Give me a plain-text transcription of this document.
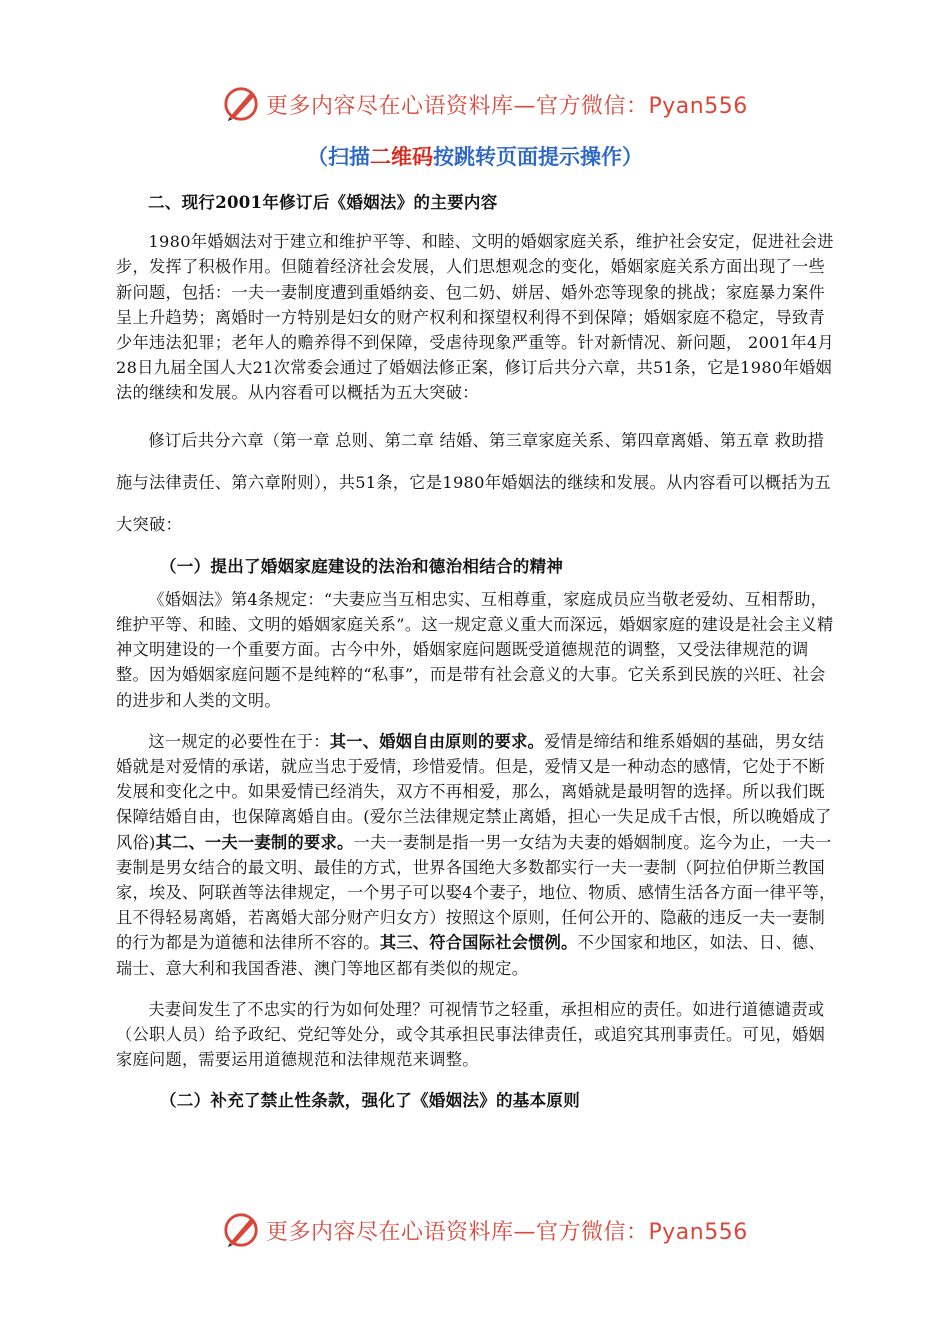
更多内容尽在心语资料库—官方微信：Pyan556
（扫描二维码按跳转页面提示操作）

二、现行2001年修订后《婚姻法》的主要内容

1980年婚姻法对于建立和维护平等、和睦、文明的婚姻家庭关系，维护社会安定，促进社会进步，发挥了积极作用。但随着经济社会发展，人们思想观念的变化，婚姻家庭关系方面出现了一些新问题，包括：一夫一妻制度遭到重婚纳妾、包二奶、姘居、婚外恋等现象的挑战；家庭暴力案件呈上升趋势；离婚时一方特别是妇女的财产权利和探望权利得不到保障；婚姻家庭不稳定，导致青少年违法犯罪；老年人的赡养得不到保障，受虐待现象严重等。针对新情况、新问题， 2001年4月28日九届全国人大21次常委会通过了婚姻法修正案，修订后共分六章，共51条，它是1980年婚姻法的继续和发展。从内容看可以概括为五大突破：

修订后共分六章（第一章 总则、第二章 结婚、第三章家庭关系、第四章离婚、第五章 救助措施与法律责任、第六章附则），共51条，它是1980年婚姻法的继续和发展。从内容看可以概括为五大突破：

（一）提出了婚姻家庭建设的法治和德治相结合的精神

《婚姻法》第4条规定：“夫妻应当互相忠实、互相尊重，家庭成员应当敬老爱幼、互相帮助，维护平等、和睦、文明的婚姻家庭关系”。这一规定意义重大而深远，婚姻家庭的建设是社会主义精神文明建设的一个重要方面。古今中外，婚姻家庭问题既受道德规范的调整，又受法律规范的调整。因为婚姻家庭问题不是纯粹的“私事”，而是带有社会意义的大事。它关系到民族的兴旺、社会的进步和人类的文明。

这一规定的必要性在于：其一、婚姻自由原则的要求。爱情是缔结和维系婚姻的基础，男女结婚就是对爱情的承诺，就应当忠于爱情，珍惜爱情。但是，爱情又是一种动态的感情，它处于不断发展和变化之中。如果爱情已经消失，双方不再相爱，那么，离婚就是最明智的选择。所以我们既保障结婚自由，也保障离婚自由。(爱尔兰法律规定禁止离婚，担心一失足成千古恨，所以晚婚成了风俗)其二、一夫一妻制的要求。一夫一妻制是指一男一女结为夫妻的婚姻制度。迄今为止，一夫一妻制是男女结合的最文明、最佳的方式，世界各国绝大多数都实行一夫一妻制（阿拉伯伊斯兰教国家，埃及、阿联酋等法律规定，一个男子可以娶4个妻子，地位、物质、感情生活各方面一律平等，且不得轻易离婚，若离婚大部分财产归女方）按照这个原则，任何公开的、隐蔽的违反一夫一妻制的行为都是为道德和法律所不容的。其三、符合国际社会惯例。不少国家和地区，如法、日、德、瑞士、意大利和我国香港、澳门等地区都有类似的规定。

夫妻间发生了不忠实的行为如何处理？可视情节之轻重，承担相应的责任。如进行道德谴责或（公职人员）给予政纪、党纪等处分，或令其承担民事法律责任，或追究其刑事责任。可见，婚姻家庭问题，需要运用道德规范和法律规范来调整。

（二）补充了禁止性条款，强化了《婚姻法》的基本原则

更多内容尽在心语资料库—官方微信：Pyan556
